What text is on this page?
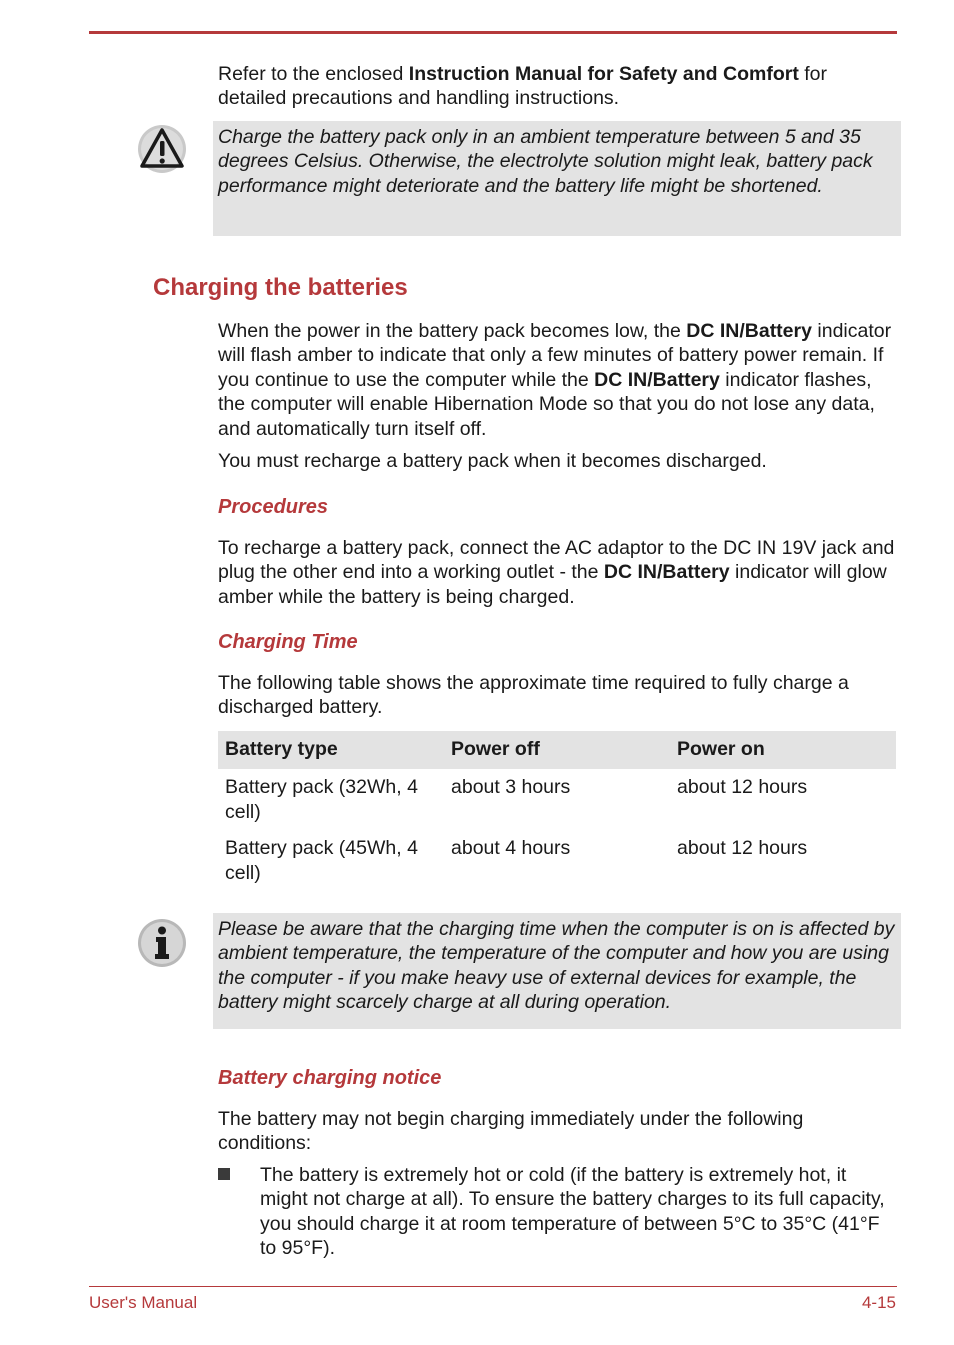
Refer to the enclosed Instruction Manual for Safety and Comfort for detailed precautions and handling instructions.

Charge the battery pack only in an ambient temperature between 5 and 35 degrees Celsius. Otherwise, the electrolyte solution might leak, battery pack performance might deteriorate and the battery life might be shortened.
Charging the batteries

When the power in the battery pack becomes low, the DC IN/Battery indicator will flash amber to indicate that only a few minutes of battery power remain. If you continue to use the computer while the DC IN/Battery indicator flashes, the computer will enable Hibernation Mode so that you do not lose any data, and automatically turn itself off.

You must recharge a battery pack when it becomes discharged.

Procedures

To recharge a battery pack, connect the AC adaptor to the DC IN 19V jack and plug the other end into a working outlet - the DC IN/Battery indicator will glow amber while the battery is being charged.

Charging Time

The following table shows the approximate time required to fully charge a discharged battery.

Battery type	Power off	Power on
Battery pack (32Wh, 4 cell)	about 3 hours	about 12 hours
Battery pack (45Wh, 4 cell)	about 4 hours	about 12 hours
Please be aware that the charging time when the computer is on is affected by ambient temperature, the temperature of the computer and how you are using the computer - if you make heavy use of external devices for example, the battery might scarcely charge at all during operation.
Battery charging notice

The battery may not begin charging immediately under the following conditions:

The battery is extremely hot or cold (if the battery is extremely hot, it might not charge at all). To ensure the battery charges to its full capacity, you should charge it at room temperature of between 5°C to 35°C (41°F to 95°F).
User's Manual	4-15
